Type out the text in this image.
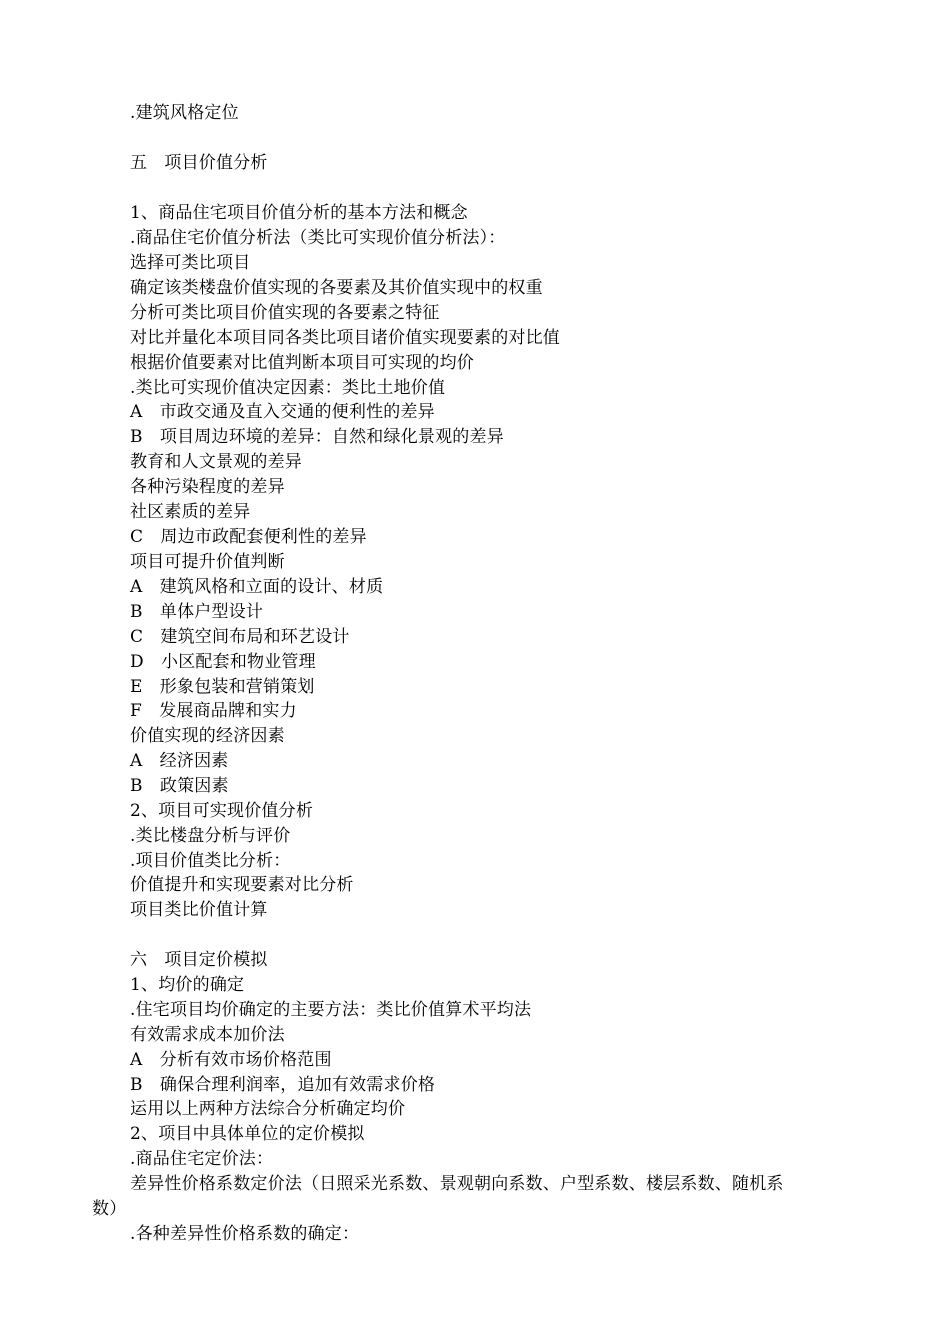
.建筑风格定位
五　项目价值分析
1、商品住宅项目价值分析的基本方法和概念
.商品住宅价值分析法（类比可实现价值分析法）：
选择可类比项目
确定该类楼盘价值实现的各要素及其价值实现中的权重
分析可类比项目价值实现的各要素之特征
对比并量化本项目同各类比项目诸价值实现要素的对比值
根据价值要素对比值判断本项目可实现的均价
.类比可实现价值决定因素：类比土地价值
A　市政交通及直入交通的便利性的差异
B　项目周边环境的差异：自然和绿化景观的差异
教育和人文景观的差异
各种污染程度的差异
社区素质的差异
C　周边市政配套便利性的差异
项目可提升价值判断
A　建筑风格和立面的设计、材质
B　单体户型设计
C　建筑空间布局和环艺设计
D　小区配套和物业管理
E　形象包装和营销策划
F　发展商品牌和实力
价值实现的经济因素
A　经济因素
B　政策因素
2、项目可实现价值分析
.类比楼盘分析与评价
.项目价值类比分析：
价值提升和实现要素对比分析
项目类比价值计算
六　项目定价模拟
1、均价的确定
.住宅项目均价确定的主要方法：类比价值算术平均法
有效需求成本加价法
A　分析有效市场价格范围
B　确保合理利润率，追加有效需求价格
运用以上两种方法综合分析确定均价
2、项目中具体单位的定价模拟
.商品住宅定价法：
差异性价格系数定价法（日照采光系数、景观朝向系数、户型系数、楼层系数、随机系
数）
.各种差异性价格系数的确定：
